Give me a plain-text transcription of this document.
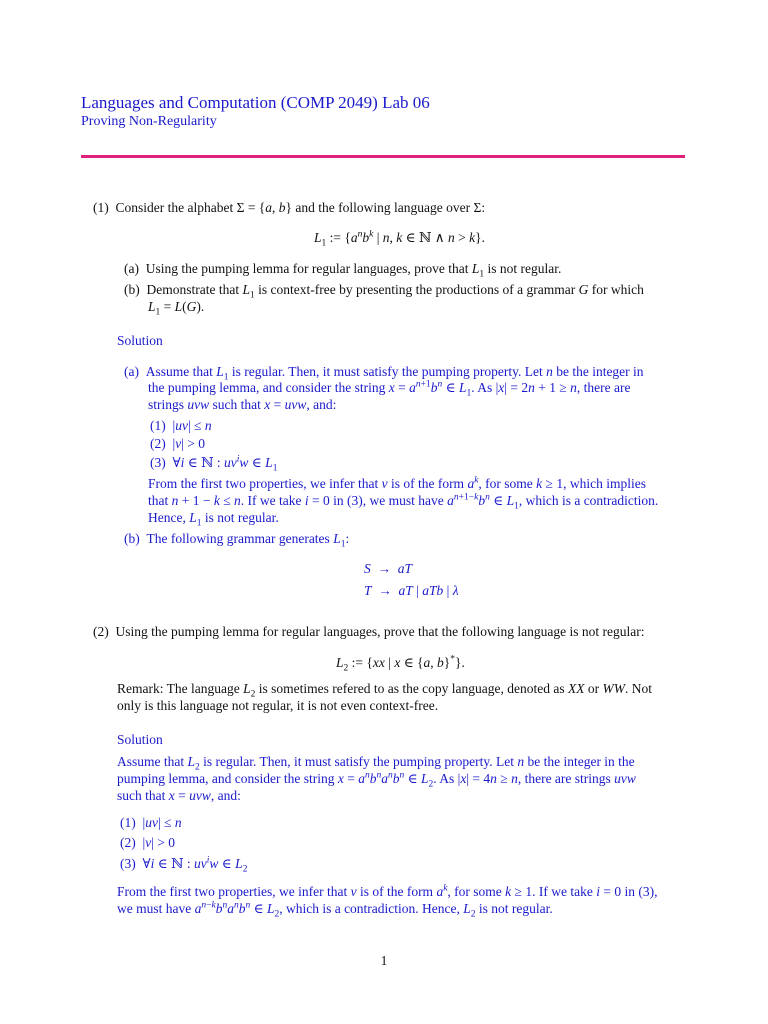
Languages and Computation (COMP 2049) Lab 06
Proving Non-Regularity
(1) Consider the alphabet Σ = {a, b} and the following language over Σ:
$L_1$ := {$a^nb^k$ | n, k ∈ ℕ ∧ n > k}.
(a) Using the pumping lemma for regular languages, prove that $L_1$ is not regular.
(b) Demonstrate that $L_1$ is context-free by presenting the productions of a grammar G for which
$L_1 = L(G)$.
Solution
(a) Assume that $L_1$ is regular. Then, it must satisfy the pumping property. Let n be the integer in
the pumping lemma, and consider the string $x = a^{n+1}b^n$ ∈ $L_1$. As |x| = 2n + 1 ≥ n, there are
strings uvw such that x = uvw, and:
(1)  |uv| ≤ n
(2)  |v| > 0
(3)  ∀i ∈ ℕ : $uv^iw$ ∈ $L_1$
From the first two properties, we infer that v is of the form $a^k$, for some k ≥ 1, which implies
that n + 1 − k ≤ n. If we take i = 0 in (3), we must have $a^{n+1-k}b^n$ ∈ $L_1$, which is a contradiction.
Hence, $L_1$ is not regular.
(b) The following grammar generates $L_1$:
S  →  aT
T  →  aT | aTb | λ
(2) Using the pumping lemma for regular languages, prove that the following language is not regular:
$L_2$ := {xx | x ∈ {a, b}*}.
Remark: The language $L_2$ is sometimes refered to as the copy language, denoted as XX or WW. Not
only is this language not regular, it is not even context-free.
Solution
Assume that $L_2$ is regular. Then, it must satisfy the pumping property. Let n be the integer in the
pumping lemma, and consider the string $x = a^nb^na^nb^n$ ∈ $L_2$. As |x| = 4n ≥ n, there are strings uvw
such that x = uvw, and:
(1)  |uv| ≤ n
(2)  |v| > 0
(3)  ∀i ∈ ℕ : $uv^iw$ ∈ $L_2$
From the first two properties, we infer that v is of the form $a^k$, for some k ≥ 1. If we take i = 0 in (3),
we must have $a^{n-k}b^na^nb^n$ ∈ $L_2$, which is a contradiction. Hence, $L_2$ is not regular.
1
